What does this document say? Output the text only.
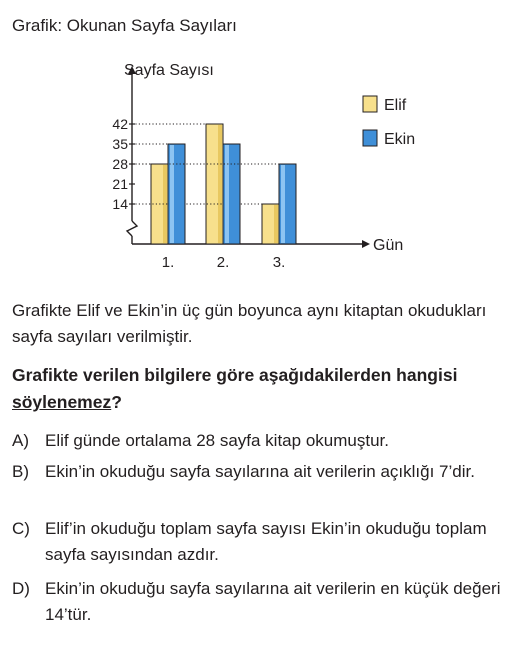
Grafik: Okunan Sayfa Sayıları
Sayfa Sayısı
Gün
14
21
28
35
42
1.	2.	3.
Elif
Ekin
Grafikte Elif ve Ekin’in üç gün boyunca aynı kitaptan okudukları sayfa sayıları verilmiştir.
Grafikte verilen bilgilere göre aşağıdakilerden hangisi söylenemez?
A) Elif günde ortalama 28 sayfa kitap okumuştur.
B) Ekin’in okuduğu sayfa sayılarına ait verilerin açıklığı 7’dir.
C) Elif’in okuduğu toplam sayfa sayısı Ekin’in okuduğu toplam sayfa sayısından azdır.
D) Ekin’in okuduğu sayfa sayılarına ait verilerin en küçük değeri 14’tür.
